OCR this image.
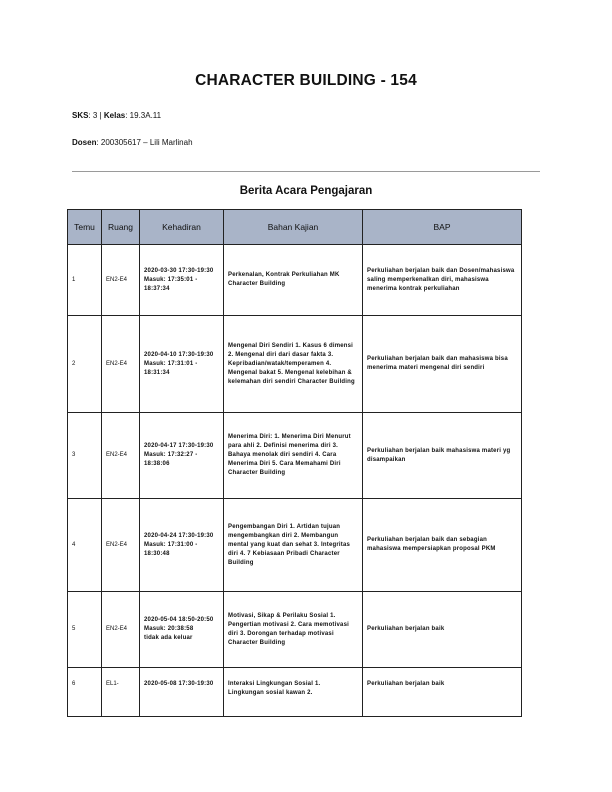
CHARACTER BUILDING - 154
SKS: 3 | Kelas: 19.3A.11
Dosen: 200305617 – Lili Marlinah
Berita Acara Pengajaran
Temu	Ruang	Kehadiran	Bahan Kajian	BAP
1	EN2-E4	2020-03-30 17:30-19:30
Masuk: 17:35:01 -
18:37:34	Perkenalan, Kontrak Perkuliahan MK Character Building	Perkuliahan berjalan baik dan Dosen/mahasiswa saling memperkenalkan diri, mahasiswa menerima kontrak perkuliahan
2	EN2-E4	2020-04-10 17:30-19:30
Masuk: 17:31:01 -
18:31:34	Mengenal Diri Sendiri 1. Kasus 6 dimensi 2. Mengenal diri dari dasar fakta 3. Kepribadian/watak/temperamen 4. Mengenal bakat 5. Mengenal kelebihan & kelemahan diri sendiri Character Building	Perkuliahan berjalan baik dan mahasiswa bisa menerima materi mengenal diri sendiri
3	EN2-E4	2020-04-17 17:30-19:30
Masuk: 17:32:27 -
18:38:06	Menerima Diri: 1. Menerima Diri Menurut para ahli 2. Definisi menerima diri 3. Bahaya menolak diri sendiri 4. Cara Menerima Diri 5. Cara Memahami Diri Character Building	Perkuliahan berjalan baik mahasiswa materi yg disampaikan
4	EN2-E4	2020-04-24 17:30-19:30
Masuk: 17:31:00 -
18:30:48	Pengembangan Diri 1. Artidan tujuan mengembangkan diri 2. Membangun mental yang kuat dan sehat 3. Integritas diri 4. 7 Kebiasaan Pribadi Character Building	Perkuliahan berjalan baik dan sebagian mahasiswa mempersiapkan proposal PKM
5	EN2-E4	2020-05-04 18:50-20:50
Masuk: 20:38:58
tidak ada keluar	Motivasi, Sikap & Perilaku Sosial 1. Pengertian motivasi 2. Cara memotivasi diri 3. Dorongan terhadap motivasi Character Building	Perkuliahan berjalan baik
6	EL1-	2020-05-08 17:30-19:30	Interaksi Lingkungan Sosial 1. Lingkungan sosial kawan 2.	Perkuliahan berjalan baik
